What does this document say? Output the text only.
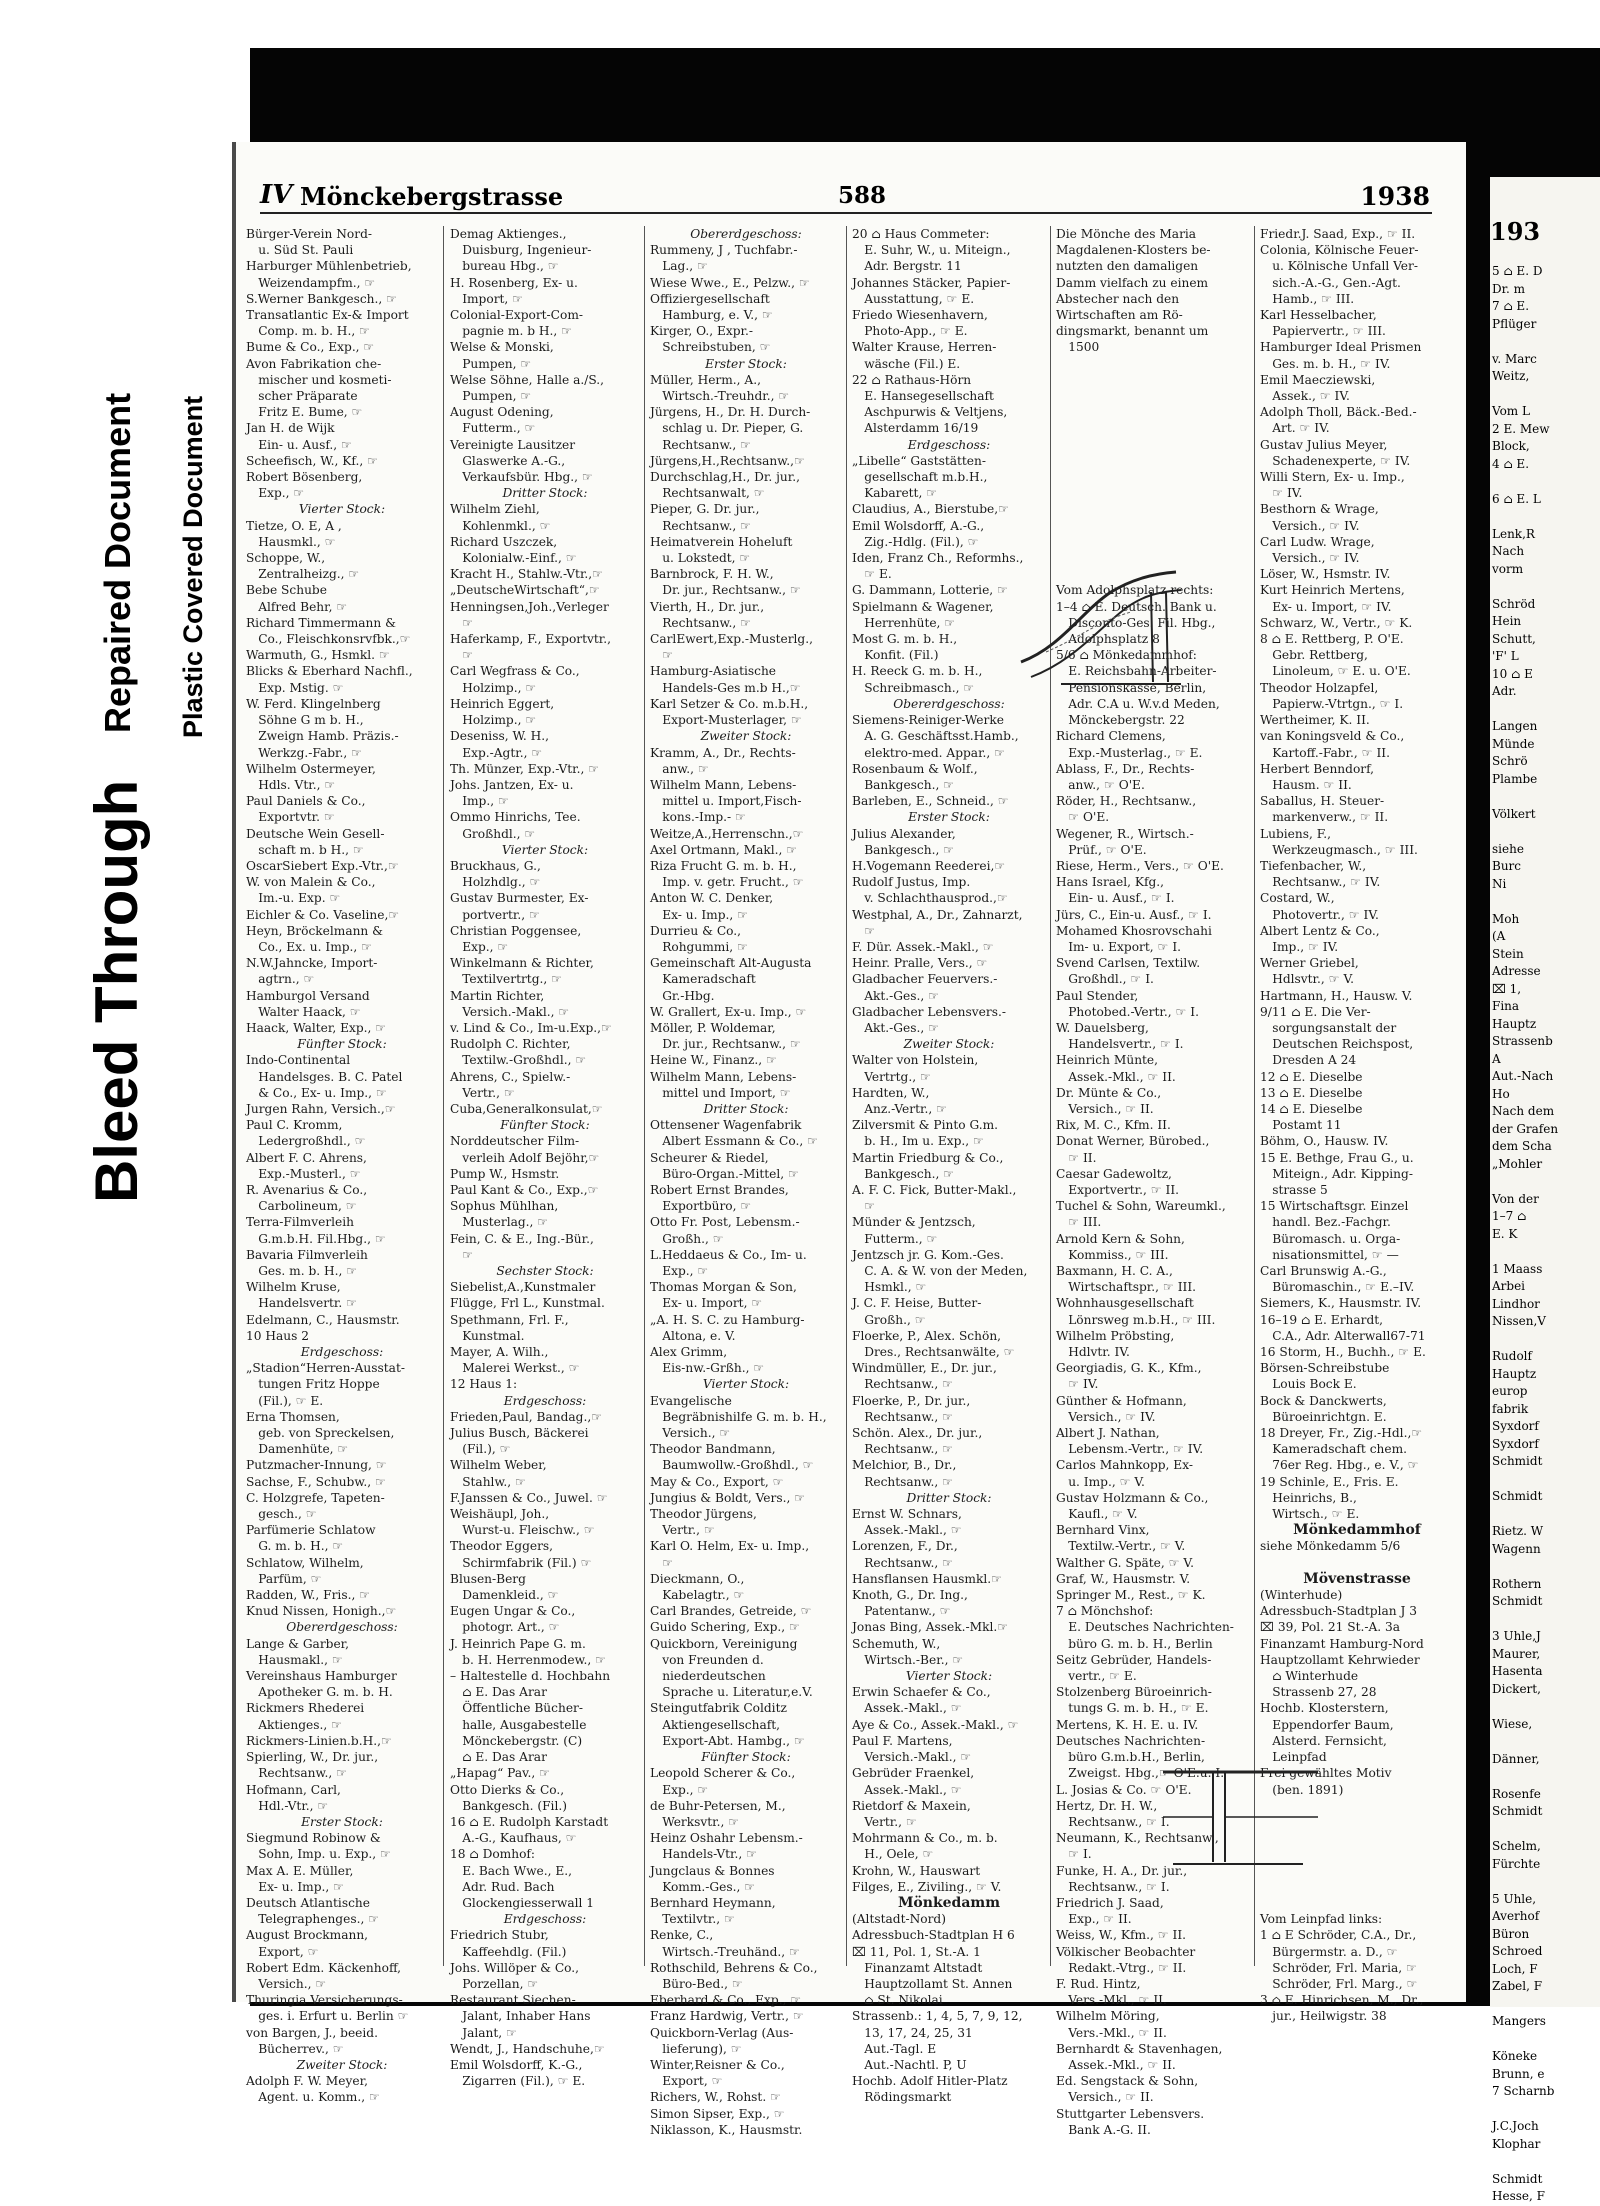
Bleed Through
Repaired Document Plastic Covered Document
193
5 ⌂ E. D
Dr. m
7 ⌂ E.
Pflüger

v. Marc
Weitz,

Vom L
2 E. Mew
Block,
4 ⌂ E.

6 ⌂ E. L

Lenk,R
Nach
vorm

Schröd
Hein
Schutt,
'F' L
10 ⌂ E
Adr.

Langen
Münde
Schrö
Plambe

Völkert

siehe
Burc
Ni

Moh
(A
Stein
Adresse
⌧ 1,
Fina
Hauptz
Strassenb
A
Aut.-Nach
Ho
Nach dem
der Grafen
dem Scha
„Mohler

Von der
1–7 ⌂
E. K

1 Maass
Arbei
Lindhor
Nissen,V

Rudolf
Hauptz
europ
fabrik
Syxdorf
Syxdorf
Schmidt

Schmidt

Rietz. W
Wagenn

Rothern
Schmidt

3 Uhle,J
Maurer,
Hasenta
Dickert,

Wiese,

Dänner,

Rosenfe
Schmidt

Schelm,
Fürchte

5 Uhle,
Averhof
Büron
Schroed
Loch, F
Zabel, F

Mangers

Köneke
Brunn, e
7 Scharnb

J.C.Joch
Klophar

Schmidt
Hesse, F
IV Mönckebergstrasse	588	1938
Bürger-Verein Nord-
 u. Süd St. Pauli
Harburger Mühlenbetrieb,
 Weizendampfm., ☞
S.Werner Bankgesch., ☞
Transatlantic Ex-& Import
 Comp. m. b. H., ☞
Bume & Co., Exp., ☞
Avon Fabrikation che-
 mischer und kosmeti-
 scher Präparate
 Fritz E. Bume, ☞
Jan H. de Wijk
 Ein- u. Ausf., ☞
Scheefisch, W., Kf., ☞
Robert Bösenberg,
 Exp., ☞
Vierter Stock:
Tietze, O. E, A ,
 Hausmkl., ☞
Schoppe, W.,
 Zentralheizg., ☞
Bebe Schube
 Alfred Behr, ☞
Richard Timmermann &
 Co., Fleischkonsrvfbk.,☞
Warmuth, G., Hsmkl. ☞
Blicks & Eberhard Nachfl.,
 Exp. Mstig. ☞
W. Ferd. Klingelnberg
 Söhne G m b. H.,
 Zweign Hamb. Präzis.-
 Werkzg.-Fabr., ☞
Wilhelm Ostermeyer,
 Hdls. Vtr., ☞
Paul Daniels & Co.,
 Exportvtr. ☞
Deutsche Wein Gesell-
 schaft m. b H., ☞
OscarSiebert Exp.-Vtr.,☞
W. von Malein & Co.,
 Im.-u. Exp. ☞
Eichler & Co. Vaseline,☞
Heyn, Bröckelmann &
 Co., Ex. u. Imp., ☞
N.W.Jahncke, Import-
 agtrn., ☞
Hamburgol Versand
 Walter Haack, ☞
Haack, Walter, Exp., ☞
Fünfter Stock:
Indo-Continental
 Handelsges. B. C. Patel
 & Co., Ex- u. Imp., ☞
Jurgen Rahn, Versich.,☞
Paul C. Kromm,
 Ledergroßhdl., ☞
Albert F. C. Ahrens,
 Exp.-Musterl., ☞
R. Avenarius & Co.,
 Carbolineum, ☞
Terra-Filmverleih
 G.m.b.H. Fil.Hbg., ☞
Bavaria Filmverleih
 Ges. m. b. H., ☞
Wilhelm Kruse,
 Handelsvertr. ☞
Edelmann, C., Hausmstr.
10 Haus 2
Erdgeschoss:
„Stadion“Herren-Ausstat-
 tungen Fritz Hoppe
 (Fil.), ☞ E.
Erna Thomsen,
 geb. von Spreckelsen,
 Damenhüte, ☞
Putzmacher-Innung, ☞
Sachse, F., Schubw., ☞
C. Holzgrefe, Tapeten-
 gesch., ☞
Parfümerie Schlatow
 G. m. b. H., ☞
Schlatow, Wilhelm,
 Parfüm, ☞
Radden, W., Fris., ☞
Knud Nissen, Honigh.,☞
Obererdgeschoss:
Lange & Garber,
 Hausmakl., ☞
Vereinshaus Hamburger
 Apotheker G. m. b. H.
Rickmers Rhederei
 Aktienges., ☞
Rickmers-Linien.b.H.,☞
Spierling, W., Dr. jur.,
 Rechtsanw., ☞
Hofmann, Carl,
 Hdl.-Vtr., ☞
Erster Stock:
Siegmund Robinow &
 Sohn, Imp. u. Exp., ☞
Max A. E. Müller,
 Ex- u. Imp., ☞
Deutsch Atlantische
 Telegraphenges., ☞
August Brockmann,
 Export, ☞
Robert Edm. Käckenhoff,
 Versich., ☞
Thuringia Versicherungs-
 ges. i. Erfurt u. Berlin ☞
von Bargen, J., beeid.
 Bücherrev., ☞
Zweiter Stock:
Adolph F. W. Meyer,
 Agent. u. Komm., ☞
Demag Aktienges.,
 Duisburg, Ingenieur-
 bureau Hbg., ☞
H. Rosenberg, Ex- u.
 Import, ☞
Colonial-Export-Com-
 pagnie m. b H., ☞
Welse & Monski,
 Pumpen, ☞
Welse Söhne, Halle a./S.,
 Pumpen, ☞
August Odening,
 Futterm., ☞
Vereinigte Lausitzer
 Glaswerke A.-G.,
 Verkaufsbür. Hbg., ☞
Dritter Stock:
Wilhelm Ziehl,
 Kohlenmkl., ☞
Richard Uszczek,
 Kolonialw.-Einf., ☞
Kracht H., Stahlw.-Vtr.,☞
„DeutscheWirtschaft“,☞
Henningsen,Joh.,Verleger
 ☞
Haferkamp, F., Exportvtr.,
 ☞
Carl Wegfrass & Co.,
 Holzimp., ☞
Heinrich Eggert,
 Holzimp., ☞
Deseniss, W. H.,
 Exp.-Agtr., ☞
Th. Münzer, Exp.-Vtr., ☞
Johs. Jantzen, Ex- u.
 Imp., ☞
Ommo Hinrichs, Tee.
 Großhdl., ☞
Vierter Stock:
Bruckhaus, G.,
 Holzhdlg., ☞
Gustav Burmester, Ex-
 portvertr., ☞
Christian Poggensee,
 Exp., ☞
Winkelmann & Richter,
 Textilvertrtg., ☞
Martin Richter,
 Versich.-Makl., ☞
v. Lind & Co., Im-u.Exp.,☞
Rudolph C. Richter,
 Textilw.-Großhdl., ☞
Ahrens, C., Spielw.-
 Vertr., ☞
Cuba,Generalkonsulat,☞
Fünfter Stock:
Norddeutscher Film-
 verleih Adolf Bejöhr,☞
Pump W., Hsmstr.
Paul Kant & Co., Exp.,☞
Sophus Mühlhan,
 Musterlag., ☞
Fein, C. & E., Ing.-Bür.,
 ☞
Sechster Stock:
Siebelist,A.,Kunstmaler
Flügge, Frl L., Kunstmal.
Spethmann, Frl. F.,
 Kunstmal.
Mayer, A. Wilh.,
 Malerei Werkst., ☞
12 Haus 1:
Erdgeschoss:
Frieden,Paul, Bandag.,☞
Julius Busch, Bäckerei
 (Fil.), ☞
Wilhelm Weber,
 Stahlw., ☞
F.Janssen & Co., Juwel. ☞
Weishäupl, Joh.,
 Wurst-u. Fleischw., ☞
Theodor Eggers,
 Schirmfabrik (Fil.) ☞
Blusen-Berg
 Damenkleid., ☞
Eugen Ungar & Co.,
 photogr. Art., ☞
J. Heinrich Pape G. m.
 b. H. Herrenmodew., ☞
– Haltestelle d. Hochbahn
 ⌂ E. Das Arar
 Öffentliche Bücher-
 halle, Ausgabestelle
 Mönckebergstr. (C)
 ⌂ E. Das Arar
„Hapag“ Pav., ☞
Otto Dierks & Co.,
 Bankgesch. (Fil.)
16 ⌂ E. Rudolph Karstadt
 A.-G., Kaufhaus, ☞
18 ⌂ Domhof:
 E. Bach Wwe., E.,
 Adr. Rud. Bach
 Glockengiesserwall 1
Erdgeschoss:
Friedrich Stubr,
 Kaffeehdlg. (Fil.)
Johs. Willöper & Co.,
 Porzellan, ☞
Restaurant Siechen-
 Jalant, Inhaber Hans
 Jalant, ☞
Wendt, J., Handschuhe,☞
Emil Wolsdorff, K.-G.,
 Zigarren (Fil.), ☞ E.
Obererdgeschoss:
Rummeny, J , Tuchfabr.-
 Lag., ☞
Wiese Wwe., E., Pelzw., ☞
Offiziergesellschaft
 Hamburg, e. V., ☞
Kirger, O., Expr.-
 Schreibstuben, ☞
Erster Stock:
Müller, Herm., A.,
 Wirtsch.-Treuhdr., ☞
Jürgens, H., Dr. H. Durch-
 schlag u. Dr. Pieper, G.
 Rechtsanw., ☞
Jürgens,H.,Rechtsanw.,☞
Durchschlag,H., Dr. jur.,
 Rechtsanwalt, ☞
Pieper, G. Dr. jur.,
 Rechtsanw., ☞
Heimatverein Hoheluft
 u. Lokstedt, ☞
Barnbrock, F. H. W.,
 Dr. jur., Rechtsanw., ☞
Vierth, H., Dr. jur.,
 Rechtsanw., ☞
CarlEwert,Exp.-Musterlg.,
 ☞
Hamburg-Asiatische
 Handels-Ges m.b H.,☞
Karl Setzer & Co. m.b.H.,
 Export-Musterlager, ☞
Zweiter Stock:
Kramm, A., Dr., Rechts-
 anw., ☞
Wilhelm Mann, Lebens-
 mittel u. Import,Fisch-
 kons.-Imp.- ☞
Weitze,A.,Herrenschn.,☞
Axel Ortmann, Makl., ☞
Riza Frucht G. m. b. H.,
 Imp. v. getr. Frucht., ☞
Anton W. C. Denker,
 Ex- u. Imp., ☞
Durrieu & Co.,
 Rohgummi, ☞
Gemeinschaft Alt-Augusta
 Kameradschaft
 Gr.-Hbg.
W. Grallert, Ex-u. Imp., ☞
Möller, P. Woldemar,
 Dr. jur., Rechtsanw., ☞
Heine W., Finanz., ☞
Wilhelm Mann, Lebens-
 mittel und Import, ☞
Dritter Stock:
Ottensener Wagenfabrik
 Albert Essmann & Co., ☞
Scheurer & Riedel,
 Büro-Organ.-Mittel, ☞
Robert Ernst Brandes,
 Exportbüro, ☞
Otto Fr. Post, Lebensm.-
 Großh., ☞
L.Heddaeus & Co., Im- u.
 Exp., ☞
Thomas Morgan & Son,
 Ex- u. Import, ☞
„A. H. S. C. zu Hamburg-
 Altona, e. V.
Alex Grimm,
 Eis-nw.-Grßh., ☞
Vierter Stock:
Evangelische
 Begräbnishilfe G. m. b. H.,
 Versich., ☞
Theodor Bandmann,
 Baumwollw.-Großhdl., ☞
May & Co., Export, ☞
Jungius & Boldt, Vers., ☞
Theodor Jürgens,
 Vertr., ☞
Karl O. Helm, Ex- u. Imp.,
 ☞
Dieckmann, O.,
 Kabelagtr., ☞
Carl Brandes, Getreide, ☞
Guido Schering, Exp., ☞
Quickborn, Vereinigung
 von Freunden d.
 niederdeutschen
 Sprache u. Literatur,e.V.
Steingutfabrik Colditz
 Aktiengesellschaft,
 Export-Abt. Hambg., ☞
Fünfter Stock:
Leopold Scherer & Co.,
 Exp., ☞
de Buhr-Petersen, M.,
 Werksvtr., ☞
Heinz Oshahr Lebensm.-
 Handels-Vtr., ☞
Jungclaus & Bonnes
 Komm.-Ges., ☞
Bernhard Heymann,
 Textilvtr., ☞
Renke, C.,
 Wirtsch.-Treuhänd., ☞
Rothschild, Behrens & Co.,
 Büro-Bed., ☞
Eberhard & Co., Exp., ☞
Franz Hardwig, Vertr., ☞
Quickborn-Verlag (Aus-
 lieferung), ☞
Winter,Reisner & Co.,
 Export, ☞
Richers, W., Rohst. ☞
Simon Sipser, Exp., ☞
Niklasson, K., Hausmstr.
20 ⌂ Haus Commeter:
 E. Suhr, W., u. Miteign.,
 Adr. Bergstr. 11
Johannes Stäcker, Papier-
 Ausstattung, ☞ E.
Friedo Wiesenhavern,
 Photo-App., ☞ E.
Walter Krause, Herren-
 wäsche (Fil.) E.
22 ⌂ Rathaus-Hörn
 E. Hansegesellschaft
 Aschpurwis & Veltjens,
 Alsterdamm 16/19
Erdgeschoss:
„Libelle“ Gaststätten-
 gesellschaft m.b.H.,
 Kabarett, ☞
Claudius, A., Bierstube,☞
Emil Wolsdorff, A.-G.,
 Zig.-Hdlg. (Fil.), ☞
Iden, Franz Ch., Reformhs.,
 ☞ E.
G. Dammann, Lotterie, ☞
Spielmann & Wagener,
 Herrenhüte, ☞
Most G. m. b. H.,
 Konfit. (Fil.)
H. Reeck G. m. b. H.,
 Schreibmasch., ☞
Obererdgeschoss:
Siemens-Reiniger-Werke
 A. G. Geschäftsst.Hamb.,
 elektro-med. Appar., ☞
Rosenbaum & Wolf.,
 Bankgesch., ☞
Barleben, E., Schneid., ☞
Erster Stock:
Julius Alexander,
 Bankgesch., ☞
H.Vogemann Reederei,☞
Rudolf Justus, Imp.
 v. Schlachthausprod.,☞
Westphal, A., Dr., Zahnarzt,
 ☞
F. Dür. Assek.-Makl., ☞
Heinr. Pralle, Vers., ☞
Gladbacher Feuervers.-
 Akt.-Ges., ☞
Gladbacher Lebensvers.-
 Akt.-Ges., ☞
Zweiter Stock:
Walter von Holstein,
 Vertrtg., ☞
Hardten, W.,
 Anz.-Vertr., ☞
Zilversmit & Pinto G.m.
 b. H., Im u. Exp., ☞
Martin Friedburg & Co.,
 Bankgesch., ☞
A. F. C. Fick, Butter-Makl.,
 ☞
Münder & Jentzsch,
 Futterm., ☞
Jentzsch jr. G. Kom.-Ges.
 C. A. & W. von der Meden,
 Hsmkl., ☞
J. C. F. Heise, Butter-
 Großh., ☞
Floerke, P., Alex. Schön,
 Dres., Rechtsanwälte, ☞
Windmüller, E., Dr. jur.,
 Rechtsanw., ☞
Floerke, P., Dr. jur.,
 Rechtsanw., ☞
Schön. Alex., Dr. jur.,
 Rechtsanw., ☞
Melchior, B., Dr.,
 Rechtsanw., ☞
Dritter Stock:
Ernst W. Schnars,
 Assek.-Makl., ☞
Lorenzen, F., Dr.,
 Rechtsanw., ☞
Hansflansen Hausmkl.☞
Knoth, G., Dr. Ing.,
 Patentanw., ☞
Jonas Bing, Assek.-Mkl.☞
Schemuth, W.,
 Wirtsch.-Ber., ☞
Vierter Stock:
Erwin Schaefer & Co.,
 Assek.-Makl., ☞
Aye & Co., Assek.-Makl., ☞
Paul F. Martens,
 Versich.-Makl., ☞
Gebrüder Fraenkel,
 Assek.-Makl., ☞
Rietdorf & Maxein,
 Vertr., ☞
Mohrmann & Co., m. b.
 H., Oele, ☞
Krohn, W., Hauswart
Filges, E., Ziviling., ☞ V.
Mönkedamm
(Altstadt-Nord)
Adressbuch-Stadtplan H 6
⌧ 11, Pol. 1, St.-A. 1
 Finanzamt Altstadt
 Hauptzollamt St. Annen
 ⌂ St. Nikolai
Strassenb.: 1, 4, 5, 7, 9, 12,
 13, 17, 24, 25, 31
 Aut.-Tagl. E
 Aut.-Nachtl. P, U
Hochb. Adolf Hitler-Platz
 Rödingsmarkt
Die Mönche des Maria
Magdalenen-Klosters be-
nutzten den damaligen
Damm vielfach zu einem
Abstecher nach den
Wirtschaften am Rö-
dingsmarkt, benannt um
 1500

Vom Adolphsplatz rechts:
1–4 ⌂ E. Deutsch. Bank u.
 Disconto-Ges. Fil. Hbg.,
 Adolphsplatz 8
5/6 ⌂ Mönkedammhof:
 E. Reichsbahn-Arbeiter-
 Pensionskasse, Berlin,
 Adr. C.A u. W.v.d Meden,
 Mönckebergstr. 22
Richard Clemens,
 Exp.-Musterlag., ☞ E.
Ablass, F., Dr., Rechts-
 anw., ☞ O'E.
Röder, H., Rechtsanw.,
 ☞ O'E.
Wegener, R., Wirtsch.-
 Prüf., ☞ O'E.
Riese, Herm., Vers., ☞ O'E.
Hans Israel, Kfg.,
 Ein- u. Ausf., ☞ I.
Jürs, C., Ein-u. Ausf., ☞ I.
Mohamed Khosrovschahi
 Im- u. Export, ☞ I.
Svend Carlsen, Textilw.
 Großhdl., ☞ I.
Paul Stender,
 Photobed.-Vertr., ☞ I.
W. Dauelsberg,
 Handelsvertr., ☞ I.
Heinrich Münte,
 Assek.-Mkl., ☞ II.
Dr. Münte & Co.,
 Versich., ☞ II.
Rix, M. C., Kfm. II.
Donat Werner, Bürobed.,
 ☞ II.
Caesar Gadewoltz,
 Exportvertr., ☞ II.
Tuchel & Sohn, Wareumkl.,
 ☞ III.
Arnold Kern & Sohn,
 Kommiss., ☞ III.
Baxmann, H. C. A.,
 Wirtschaftspr., ☞ III.
Wohnhausgesellschaft
 Lönrsweg m.b.H., ☞ III.
Wilhelm Pröbsting,
 Hdlvtr. IV.
Georgiadis, G. K., Kfm.,
 ☞ IV.
Günther & Hofmann,
 Versich., ☞ IV.
Albert J. Nathan,
 Lebensm.-Vertr., ☞ IV.
Carlos Mahnkopp, Ex-
 u. Imp., ☞ V.
Gustav Holzmann & Co.,
 Kaufl., ☞ V.
Bernhard Vinx,
 Textilw.-Vertr., ☞ V.
Walther G. Späte, ☞ V.
Graf, W., Hausmstr. V.
Springer M., Rest., ☞ K.
7 ⌂ Mönchshof:
 E. Deutsches Nachrichten-
 büro G. m. b. H., Berlin
Seitz Gebrüder, Handels-
 vertr., ☞ E.
Stolzenberg Büroeinrich-
 tungs G. m. b. H., ☞ E.
Mertens, K. H. E. u. IV.
Deutsches Nachrichten-
 büro G.m.b.H., Berlin,
 Zweigst. Hbg.,☞ O'E.u. I.
L. Josias & Co. ☞ O'E.
Hertz, Dr. H. W.,
 Rechtsanw., ☞ I.
Neumann, K., Rechtsanw.,
 ☞ I.
Funke, H. A., Dr. jur.,
 Rechtsanw., ☞ I.
Friedrich J. Saad,
 Exp., ☞ II.
Weiss, W., Kfm., ☞ II.
Völkischer Beobachter
 Redakt.-Vtrg., ☞ II.
F. Rud. Hintz,
 Vers.-Mkl., ☞ II.
Wilhelm Möring,
 Vers.-Mkl., ☞ II.
Bernhardt & Stavenhagen,
 Assek.-Mkl., ☞ II.
Ed. Sengstack & Sohn,
 Versich., ☞ II.
Stuttgarter Lebensvers.
 Bank A.-G. II.
Friedr.J. Saad, Exp., ☞ II.
Colonia, Kölnische Feuer-
 u. Kölnische Unfall Ver-
 sich.-A.-G., Gen.-Agt.
 Hamb., ☞ III.
Karl Hesselbacher,
 Papiervertr., ☞ III.
Hamburger Ideal Prismen
 Ges. m. b. H., ☞ IV.
Emil Maecziewski,
 Assek., ☞ IV.
Adolph Tholl, Bäck.-Bed.-
 Art. ☞ IV.
Gustav Julius Meyer,
 Schadenexperte, ☞ IV.
Willi Stern, Ex- u. Imp.,
 ☞ IV.
Besthorn & Wrage,
 Versich., ☞ IV.
Carl Ludw. Wrage,
 Versich., ☞ IV.
Löser, W., Hsmstr. IV.
Kurt Heinrich Mertens,
 Ex- u. Import, ☞ IV.
Schwarz, W., Vertr., ☞ K.
8 ⌂ E. Rettberg, P. O'E.
 Gebr. Rettberg,
 Linoleum, ☞ E. u. O'E.
Theodor Holzapfel,
 Papierw.-Vtrtgn., ☞ I.
Wertheimer, K. II.
van Koningsveld & Co.,
 Kartoff.-Fabr., ☞ II.
Herbert Benndorf,
 Hausm. ☞ II.
Saballus, H. Steuer-
 markenverw., ☞ II.
Lubiens, F.,
 Werkzeugmasch., ☞ III.
Tiefenbacher, W.,
 Rechtsanw., ☞ IV.
Costard, W.,
 Photovertr., ☞ IV.
Albert Lentz & Co.,
 Imp., ☞ IV.
Werner Griebel,
 Hdlsvtr., ☞ V.
Hartmann, H., Hausw. V.
9/11 ⌂ E. Die Ver-
 sorgungsanstalt der
 Deutschen Reichspost,
 Dresden A 24
12 ⌂ E. Dieselbe
13 ⌂ E. Dieselbe
14 ⌂ E. Dieselbe
 Postamt 11
Böhm, O., Hausw. IV.
15 E. Bethge, Frau G., u.
 Miteign., Adr. Kipping-
 strasse 5
15 Wirtschaftsgr. Einzel
 handl. Bez.-Fachgr.
 Büromasch. u. Orga-
 nisationsmittel, ☞ —
Carl Brunswig A.-G.,
 Büromaschin., ☞ E.–IV.
Siemers, K., Hausmstr. IV.
16–19 ⌂ E. Erhardt,
 C.A., Adr. Alterwall67-71
16 Storm, H., Buchh., ☞ E.
Börsen-Schreibstube
 Louis Bock E.
Bock & Danckwerts,
 Büroeinrichtgn. E.
18 Dreyer, Fr., Zig.-Hdl.,☞
 Kameradschaft chem.
 76er Reg. Hbg., e. V., ☞
19 Schinle, E., Fris. E.
 Heinrichs, B.,
 Wirtsch., ☞ E.
Mönkedammhof
siehe Mönkedamm 5/6

Mövenstrasse
(Winterhude)
Adressbuch-Stadtplan J 3
⌧ 39, Pol. 21 St.-A. 3a
Finanzamt Hamburg-Nord
Hauptzollamt Kehrwieder
 ⌂ Winterhude
 Strassenb 27, 28
Hochb. Klosterstern,
 Eppendorfer Baum,
 Alsterd. Fernsicht,
 Leinpfad
Frei gewähltes Motiv
 (ben. 1891)

Vom Leinpfad links:
1 ⌂ E Schröder, C.A., Dr.,
 Bürgermstr. a. D., ☞
 Schröder, Frl. Maria, ☞
 Schröder, Frl. Marg., ☞
3 ⌂ E. Hinrichsen, M., Dr.,
 jur., Heilwigstr. 38
